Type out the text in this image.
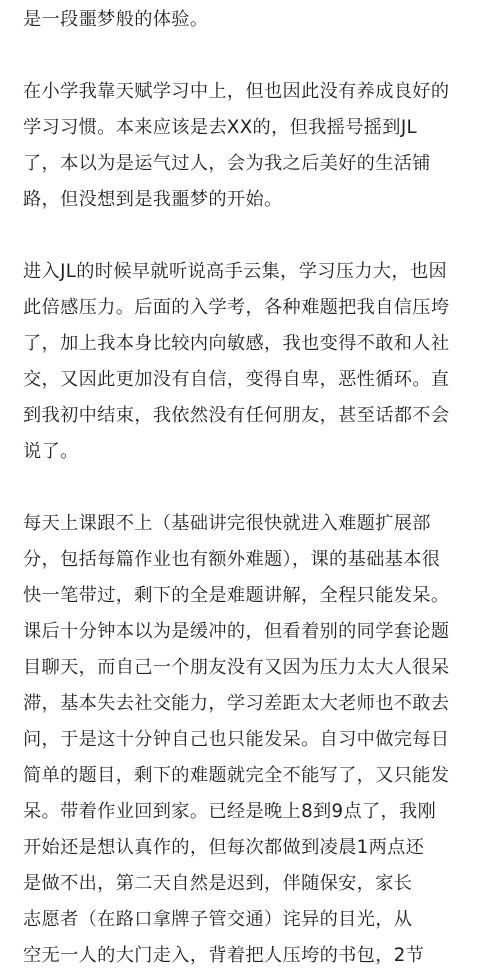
是一段噩梦般的体验。

在小学我靠天赋学习中上，但也因此没有养成良好的
学习习惯。本来应该是去XX的，但我摇号摇到JL
了，本以为是运气过人，会为我之后美好的生活铺
路，但没想到是我噩梦的开始。

进入JL的时候早就听说高手云集，学习压力大，也因
此倍感压力。后面的入学考，各种难题把我自信压垮
了，加上我本身比较内向敏感，我也变得不敢和人社
交，又因此更加没有自信，变得自卑，恶性循环。直
到我初中结束，我依然没有任何朋友，甚至话都不会
说了。

每天上课跟不上（基础讲完很快就进入难题扩展部
分，包括每篇作业也有额外难题），课的基础基本很
快一笔带过，剩下的全是难题讲解，全程只能发呆。
课后十分钟本以为是缓冲的，但看着别的同学套论题
目聊天，而自己一个朋友没有又因为压力太大人很呆
滞，基本失去社交能力，学习差距太大老师也不敢去
问，于是这十分钟自己也只能发呆。自习中做完每日
简单的题目，剩下的难题就完全不能写了，又只能发
呆。带着作业回到家。已经是晚上8到9点了，我刚
开始还是想认真作的，但每次都做到凌晨1两点还
是做不出，第二天自然是迟到，伴随保安，家长
志愿者（在路口拿牌子管交通）诧异的目光，从
空无一人的大门走入，背着把人压垮的书包，2节
